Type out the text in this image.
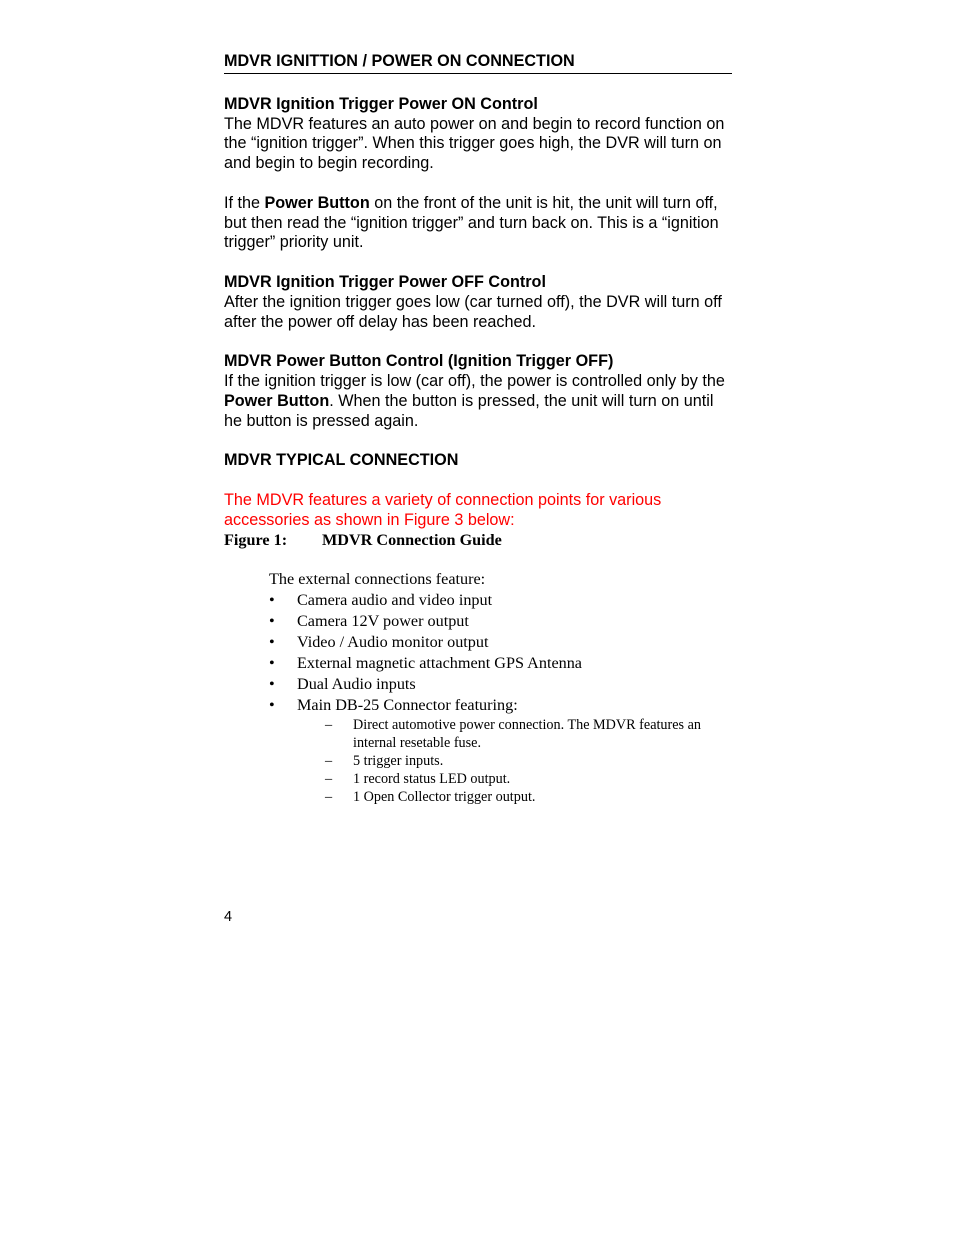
MDVR IGNITTION / POWER ON CONNECTION

MDVR Ignition Trigger Power ON Control

The MDVR features an auto power on and begin to record function on the “ignition trigger”. When this trigger goes high, the DVR will turn on and begin to begin recording.

If the Power Button on the front of the unit is hit, the unit will turn off, but then read the “ignition trigger” and turn back on. This is a “ignition trigger” priority unit.

MDVR Ignition Trigger Power OFF Control

After the ignition trigger goes low (car turned off), the DVR will turn off after the power off delay has been reached.

MDVR Power Button Control (Ignition Trigger OFF)

If the ignition trigger is low (car off), the power is controlled only by the Power Button. When the button is pressed, the unit will turn on until he button is pressed again.

MDVR TYPICAL CONNECTION

The MDVR features a variety of connection points for various accessories as shown in Figure 3 below:

Figure 1: MDVR Connection Guide

The external connections feature:

• Camera audio and video input
• Camera 12V power output
• Video / Audio monitor output
• External magnetic attachment GPS Antenna
• Dual Audio inputs
• Main DB-25 Connector featuring:
– Direct automotive power connection. The MDVR features an internal resetable fuse.
– 5 trigger inputs.
– 1 record status LED output.
– 1 Open Collector trigger output.
4
